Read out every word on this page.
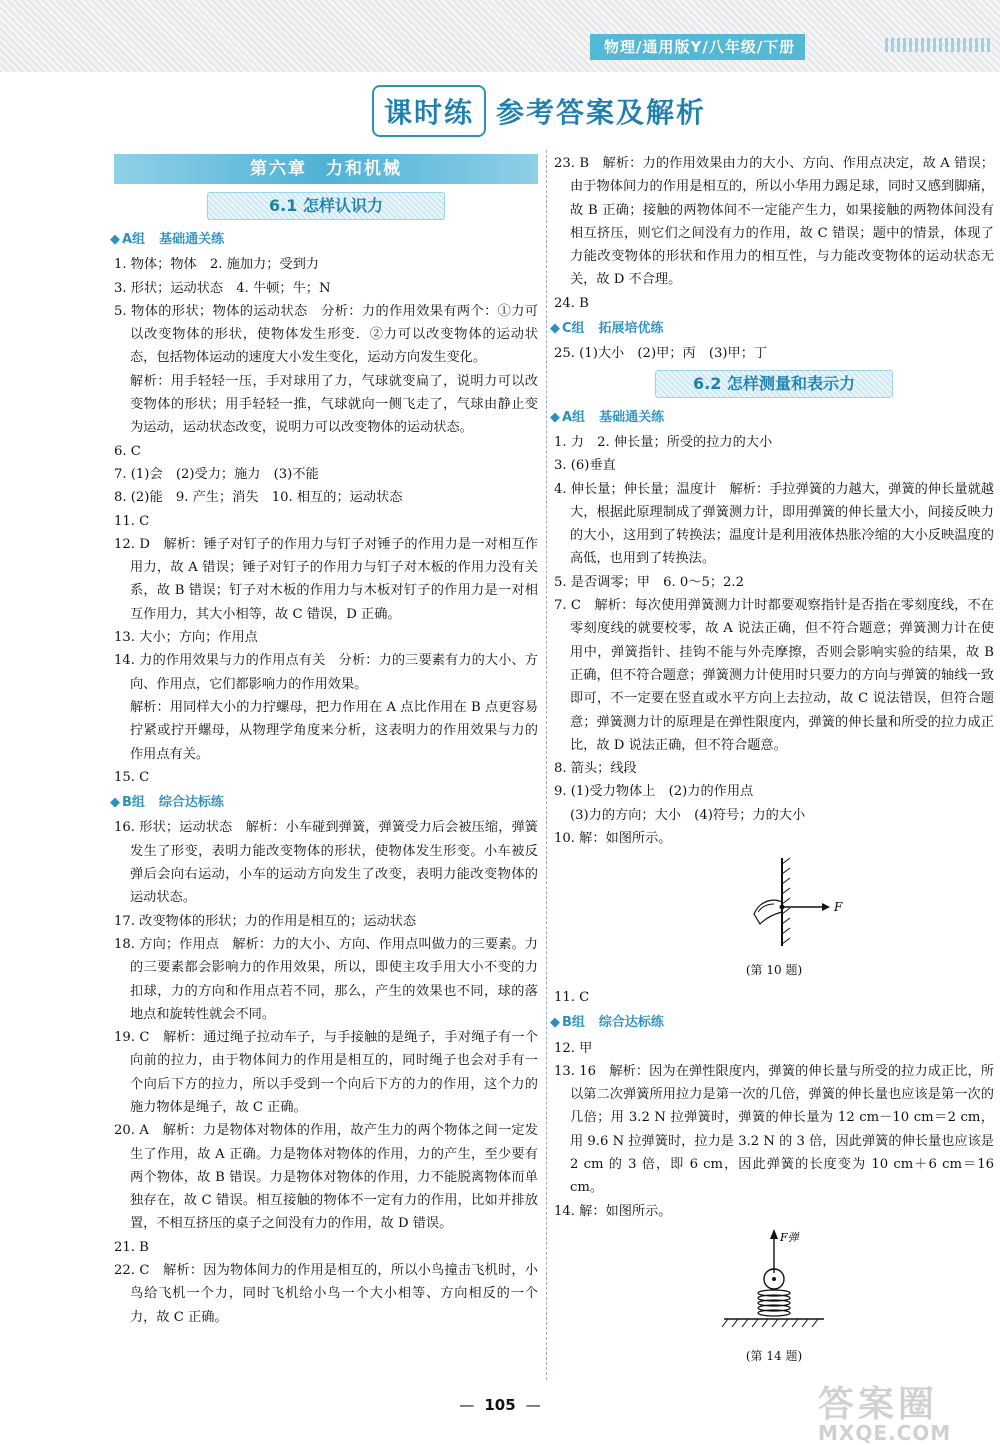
物理/通用版Y/八年级/下册
课时练 参考答案及解析
第六章　力和机械
6.1 怎样认识力
◆ A组 基础通关练

1. 物体；物体　2. 施加力；受到力

3. 形状；运动状态　4. 牛顿；牛；N

5. 物体的形状；物体的运动状态　分析：力的作用效果有两个：①力可以改变物体的形状，使物体发生形变．②力可以改变物体的运动状态，包括物体运动的速度大小发生变化，运动方向发生变化。

解析：用手轻轻一压，手对球用了力，气球就变扁了，说明力可以改变物体的形状；用手轻轻一推，气球就向一侧飞走了，气球由静止变为运动，运动状态改变，说明力可以改变物体的运动状态。

6. C

7. (1)会　(2)受力；施力　(3)不能

8. (2)能　9. 产生；消失　10. 相互的；运动状态

11. C

12. D　解析：锤子对钉子的作用力与钉子对锤子的作用力是一对相互作用力，故 A 错误；锤子对钉子的作用力与钉子对木板的作用力没有关系，故 B 错误；钉子对木板的作用力与木板对钉子的作用力是一对相互作用力，其大小相等，故 C 错误，D 正确。

13. 大小；方向；作用点

14. 力的作用效果与力的作用点有关　分析：力的三要素有力的大小、方向、作用点，它们都影响力的作用效果。

解析：用同样大小的力拧螺母，把力作用在 A 点比作用在 B 点更容易拧紧或拧开螺母，从物理学角度来分析，这表明力的作用效果与力的作用点有关。

15. C

◆ B组 综合达标练

16. 形状；运动状态　解析：小车碰到弹簧，弹簧受力后会被压缩，弹簧发生了形变，表明力能改变物体的形状，使物体发生形变。小车被反弹后会向右运动，小车的运动方向发生了改变，表明力能改变物体的运动状态。

17. 改变物体的形状；力的作用是相互的；运动状态

18. 方向；作用点　解析：力的大小、方向、作用点叫做力的三要素。力的三要素都会影响力的作用效果，所以，即使主攻手用大小不变的力扣球，力的方向和作用点若不同，那么，产生的效果也不同，球的落地点和旋转性就会不同。

19. C　解析：通过绳子拉动车子，与手接触的是绳子，手对绳子有一个向前的拉力，由于物体间力的作用是相互的，同时绳子也会对手有一个向后下方的拉力，所以手受到一个向后下方的力的作用，这个力的施力物体是绳子，故 C 正确。

20. A　解析：力是物体对物体的作用，故产生力的两个物体之间一定发生了作用，故 A 正确。力是物体对物体的作用，力的产生，至少要有两个物体，故 B 错误。力是物体对物体的作用，力不能脱离物体而单独存在，故 C 错误。相互接触的物体不一定有力的作用，比如并排放置，不相互挤压的桌子之间没有力的作用，故 D 错误。

21. B

22. C　解析：因为物体间力的作用是相互的，所以小鸟撞击飞机时，小鸟给飞机一个力，同时飞机给小鸟一个大小相等、方向相反的一个力，故 C 正确。

23. B　解析：力的作用效果由力的大小、方向、作用点决定，故 A 错误；由于物体间力的作用是相互的，所以小华用力踢足球，同时又感到脚痛，故 B 正确；接触的两物体间不一定能产生力，如果接触的两物体间没有相互挤压，则它们之间没有力的作用，故 C 错误；题中的情景，体现了力能改变物体的形状和作用力的相互性，与力能改变物体的运动状态无关，故 D 不合理。

24. B

◆ C组 拓展培优练

25. (1)大小　(2)甲；丙　(3)甲；丁

6.2 怎样测量和表示力
◆ A组 基础通关练

1. 力　2. 伸长量；所受的拉力的大小

3. (6)垂直

4. 伸长量；伸长量；温度计　解析：手拉弹簧的力越大，弹簧的伸长量就越大，根据此原理制成了弹簧测力计，即用弹簧的伸长量大小，间接反映力的大小，这用到了转换法；温度计是利用液体热胀冷缩的大小反映温度的高低，也用到了转换法。

5. 是否调零；甲　6. 0～5；2.2

7. C　解析：每次使用弹簧测力计时都要观察指针是否指在零刻度线，不在零刻度线的就要校零，故 A 说法正确，但不符合题意；弹簧测力计在使用中，弹簧指针、挂钩不能与外壳摩擦，否则会影响实验的结果，故 B 正确，但不符合题意；弹簧测力计使用时只要力的方向与弹簧的轴线一致即可，不一定要在竖直或水平方向上去拉动，故 C 说法错误，但符合题意；弹簧测力计的原理是在弹性限度内，弹簧的伸长量和所受的拉力成正比，故 D 说法正确，但不符合题意。

8. 箭头；线段

9. (1)受力物体上　(2)力的作用点

(3)力的方向；大小　(4)符号；力的大小

10. 解：如图所示。

F
(第 10 题)

11. C

◆ B组 综合达标练

12. 甲

13. 16　解析：因为在弹性限度内，弹簧的伸长量与所受的拉力成正比，所以第二次弹簧所用拉力是第一次的几倍，弹簧的伸长量也应该是第一次的几倍；用 3.2 N 拉弹簧时，弹簧的伸长量为 12 cm－10 cm＝2 cm，用 9.6 N 拉弹簧时，拉力是 3.2 N 的 3 倍，因此弹簧的伸长量也应该是 2 cm 的 3 倍，即 6 cm，因此弹簧的长度变为 10 cm＋6 cm＝16 cm。

14. 解：如图所示。

F弹
(第 14 题)
— 105 —	答案圈
MXQE.COM
